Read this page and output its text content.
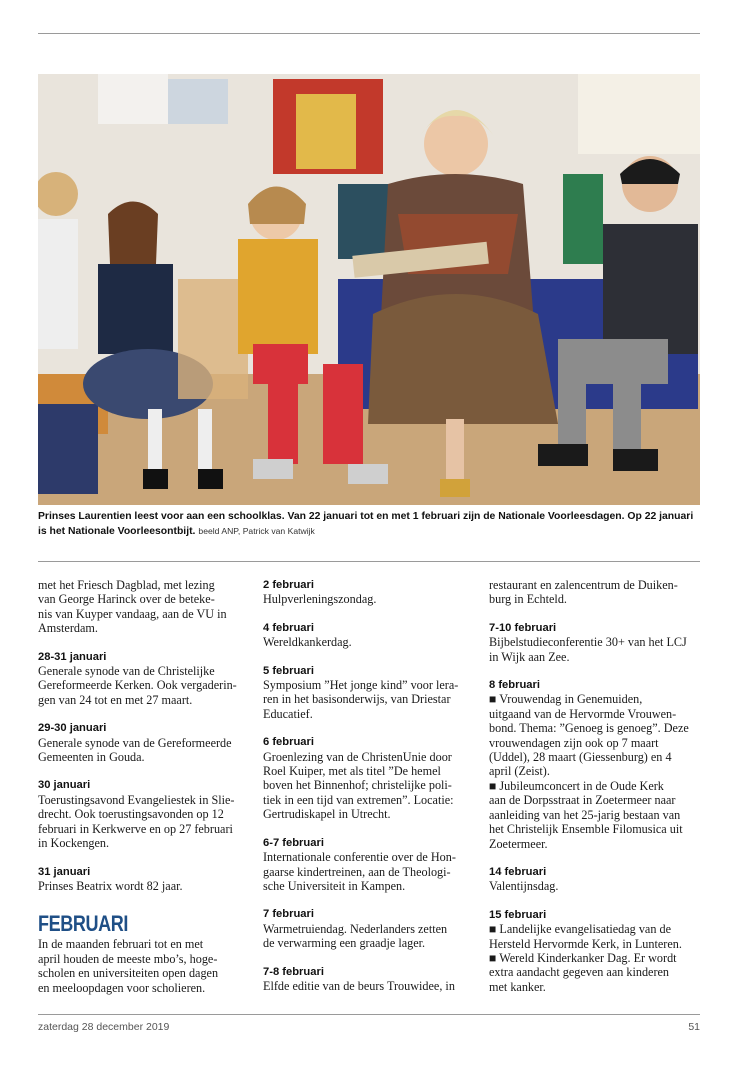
Prinses Laurentien leest voor aan een schoolklas. Van 22 januari tot en met 1 februari zijn de Nationale Voorleesdagen. Op 22 januari is het Nationale Voorleesontbijt. beeld ANP, Patrick van Katwijk

met het Friesch Dagblad, met lezing
van George Harinck over de beteke-
nis van Kuyper vandaag, aan de VU in
Amsterdam.

28-31 januari
Generale synode van de Christelijke
Gereformeerde Kerken. Ook vergaderin-
gen van 24 tot en met 27 maart.

29-30 januari
Generale synode van de Gereformeerde
Gemeenten in Gouda.

30 januari
Toerustingsavond Evangeliestek in Slie-
drecht. Ook toerustingsavonden op 12
februari in Kerkwerve en op 27 februari
in Kockengen.

31 januari
Prinses Beatrix wordt 82 jaar.

FEBRUARI

In de maanden februari tot en met
april houden de meeste mbo’s, hoge-
scholen en universiteiten open dagen
en meeloopdagen voor scholieren.

2 februari
Hulpverleningszondag.

4 februari
Wereldkankerdag.

5 februari
Symposium ”Het jonge kind” voor lera-
ren in het basisonderwijs, van Driestar
Educatief.

6 februari
Groenlezing van de ChristenUnie door
Roel Kuiper, met als titel ”De hemel
boven het Binnenhof; christelijke poli-
tiek in een tijd van extremen”. Locatie:
Gertrudiskapel in Utrecht.

6-7 februari
Internationale conferentie over de Hon-
gaarse kindertreinen, aan de Theologi-
sche Universiteit in Kampen.

7 februari
Warmetruiendag. Nederlanders zetten
de verwarming een graadje lager.

7-8 februari
Elfde editie van de beurs Trouwidee, in

restaurant en zalencentrum de Duiken-
burg in Echteld.

7-10 februari
Bijbelstudieconferentie 30+ van het LCJ
in Wijk aan Zee.

8 februari
■ Vrouwendag in Genemuiden,
uitgaand van de Hervormde Vrouwen-
bond. Thema: ”Genoeg is genoeg”. Deze
vrouwendagen zijn ook op 7 maart
(Uddel), 28 maart (Giessenburg) en 4
april (Zeist).
■ Jubileumconcert in de Oude Kerk
aan de Dorpsstraat in Zoetermeer naar
aanleiding van het 25-jarig bestaan van
het Christelijk Ensemble Filomusica uit
Zoetermeer.

14 februari
Valentijnsdag.

15 februari
■ Landelijke evangelisatiedag van de
Hersteld Hervormde Kerk, in Lunteren.
■ Wereld Kinderkanker Dag. Er wordt
extra aandacht gegeven aan kinderen
met kanker.

zaterdag 28 december 2019	51
